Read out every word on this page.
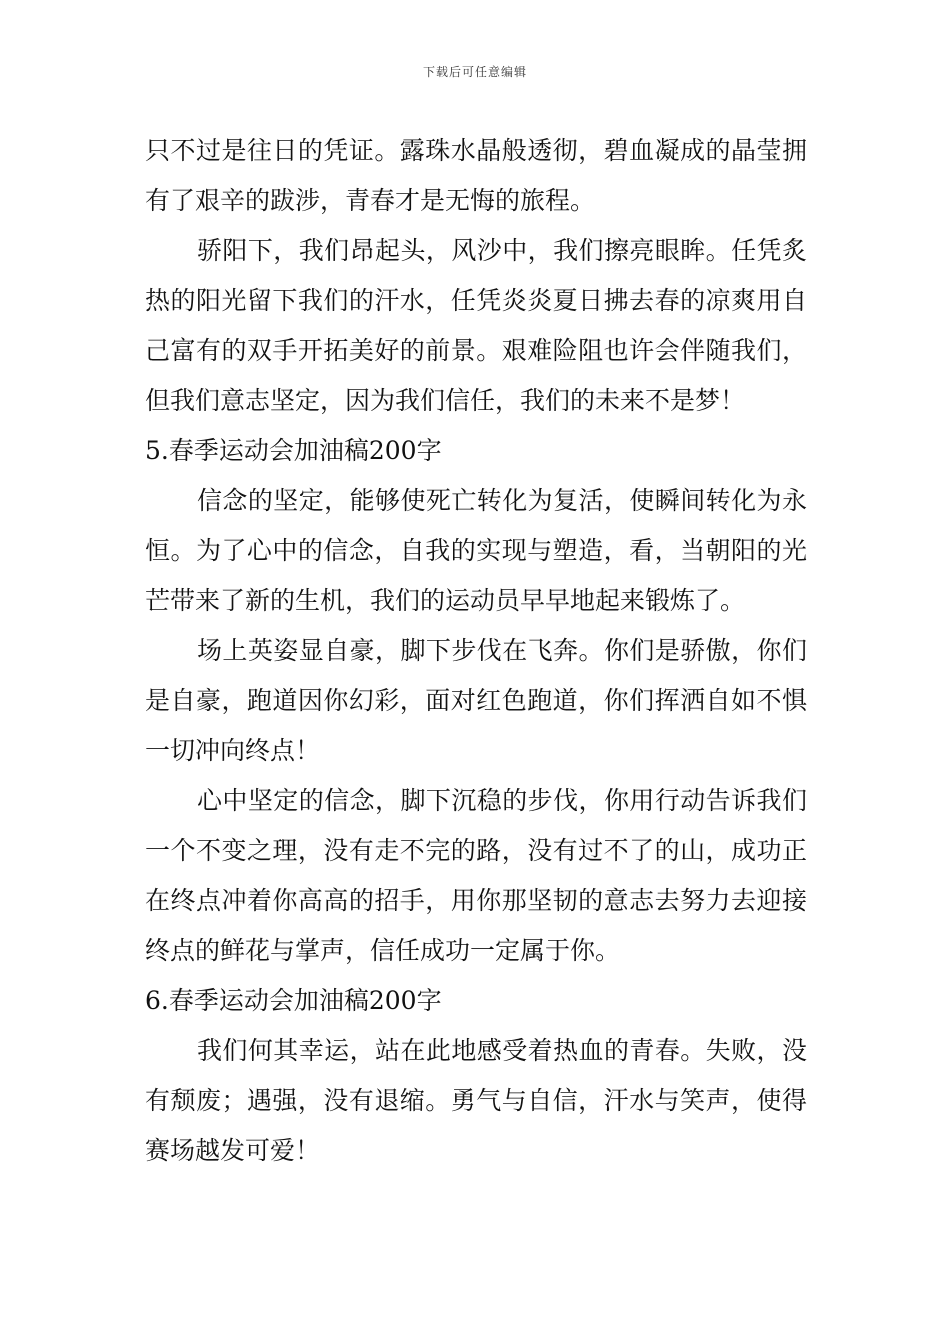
下载后可任意编辑

只不过是往日的凭证。露珠水晶般透彻，碧血凝成的晶莹拥有了艰辛的跋涉，青春才是无悔的旅程。

骄阳下，我们昂起头，风沙中，我们擦亮眼眸。任凭炙热的阳光留下我们的汗水，任凭炎炎夏日拂去春的凉爽用自己富有的双手开拓美好的前景。艰难险阻也许会伴随我们，但我们意志坚定，因为我们信任，我们的未来不是梦！

5.春季运动会加油稿200字

信念的坚定，能够使死亡转化为复活，使瞬间转化为永恒。为了心中的信念，自我的实现与塑造，看，当朝阳的光芒带来了新的生机，我们的运动员早早地起来锻炼了。

场上英姿显自豪，脚下步伐在飞奔。你们是骄傲，你们是自豪，跑道因你幻彩，面对红色跑道，你们挥洒自如不惧一切冲向终点！

心中坚定的信念，脚下沉稳的步伐，你用行动告诉我们一个不变之理，没有走不完的路，没有过不了的山，成功正在终点冲着你高高的招手，用你那坚韧的意志去努力去迎接终点的鲜花与掌声，信任成功一定属于你。

6.春季运动会加油稿200字

我们何其幸运，站在此地感受着热血的青春。失败，没有颓废；遇强，没有退缩。勇气与自信，汗水与笑声，使得赛场越发可爱！
